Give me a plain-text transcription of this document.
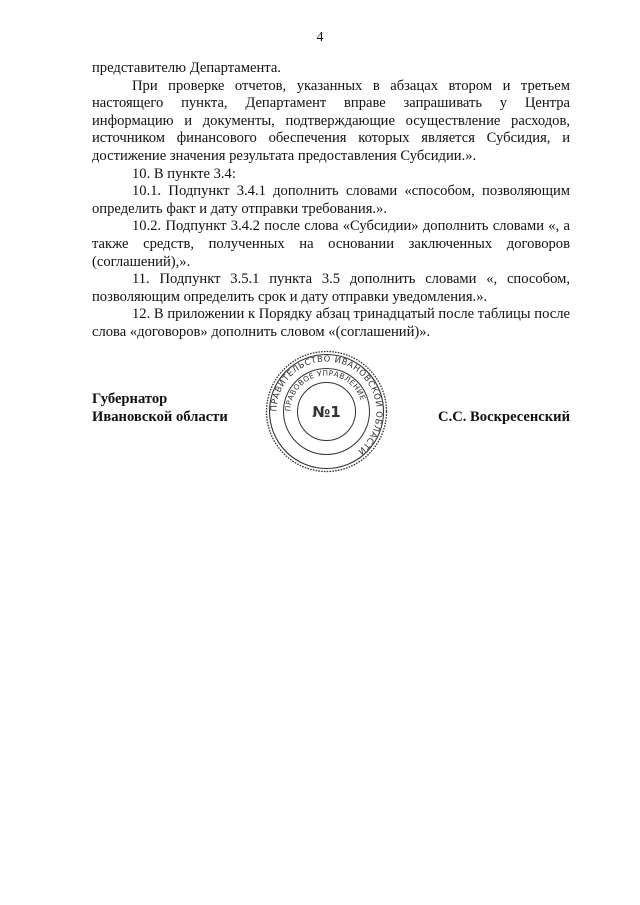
4

представителю Департамента.

При проверке отчетов, указанных в абзацах втором и третьем настоящего пункта, Департамент вправе запрашивать у Центра информацию и документы, подтверждающие осуществление расходов, источником финансового обеспечения которых является Субсидия, и достижение значения результата предоставления Субсидии.».

10. В пункте 3.4:

10.1. Подпункт 3.4.1 дополнить словами «способом, позволяющим определить факт и дату отправки требования.».

10.2. Подпункт 3.4.2 после слова «Субсидии» дополнить словами «, а также средств, полученных на основании заключенных договоров (соглашений),».

11. Подпункт 3.5.1 пункта 3.5 дополнить словами «, способом, позволяющим определить срок и дату отправки уведомления.».

12. В приложении к Порядку абзац тринадцатый после таблицы после слова «договоров» дополнить словом «(соглашений)».

Губернатор
Ивановской области	С.С. Воскресенский
ПРАВИТЕЛЬСТВО ИВАНОВСКОЙ ОБЛАСТИ
ПРАВОВОЕ УПРАВЛЕНИЕ
№1
